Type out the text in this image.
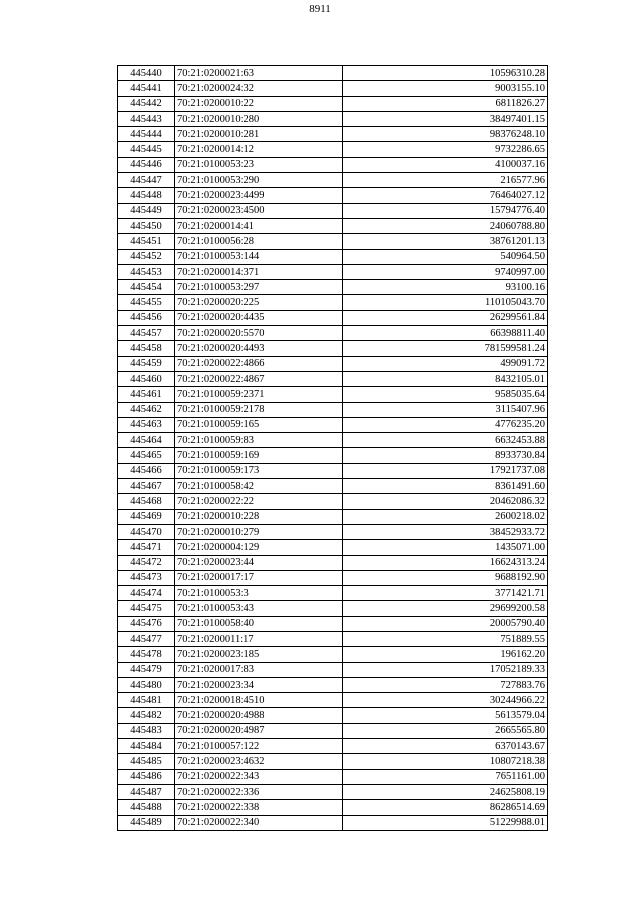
8911
445440	70:21:0200021:63	10596310.28
445441	70:21:0200024:32	9003155.10
445442	70:21:0200010:22	6811826.27
445443	70:21:0200010:280	38497401.15
445444	70:21:0200010:281	98376248.10
445445	70:21:0200014:12	9732286.65
445446	70:21:0100053:23	4100037.16
445447	70:21:0100053:290	216577.96
445448	70:21:0200023:4499	76464027.12
445449	70:21:0200023:4500	15794776.40
445450	70:21:0200014:41	24060788.80
445451	70:21:0100056:28	38761201.13
445452	70:21:0100053:144	540964.50
445453	70:21:0200014:371	9740997.00
445454	70:21:0100053:297	93100.16
445455	70:21:0200020:225	110105043.70
445456	70:21:0200020:4435	26299561.84
445457	70:21:0200020:5570	66398811.40
445458	70:21:0200020:4493	781599581.24
445459	70:21:0200022:4866	499091.72
445460	70:21:0200022:4867	8432105.01
445461	70:21:0100059:2371	9585035.64
445462	70:21:0100059:2178	3115407.96
445463	70:21:0100059:165	4776235.20
445464	70:21:0100059:83	6632453.88
445465	70:21:0100059:169	8933730.84
445466	70:21:0100059:173	17921737.08
445467	70:21:0100058:42	8361491.60
445468	70:21:0200022:22	20462086.32
445469	70:21:0200010:228	2600218.02
445470	70:21:0200010:279	38452933.72
445471	70:21:0200004:129	1435071.00
445472	70:21:0200023:44	16624313.24
445473	70:21:0200017:17	9688192.90
445474	70:21:0100053:3	3771421.71
445475	70:21:0100053:43	29699200.58
445476	70:21:0100058:40	20005790.40
445477	70:21:0200011:17	751889.55
445478	70:21:0200023:185	196162.20
445479	70:21:0200017:83	17052189.33
445480	70:21:0200023:34	727883.76
445481	70:21:0200018:4510	30244966.22
445482	70:21:0200020:4988	5613579.04
445483	70:21:0200020:4987	2665565.80
445484	70:21:0100057:122	6370143.67
445485	70:21:0200023:4632	10807218.38
445486	70:21:0200022:343	7651161.00
445487	70:21:0200022:336	24625808.19
445488	70:21:0200022:338	86286514.69
445489	70:21:0200022:340	51229988.01
